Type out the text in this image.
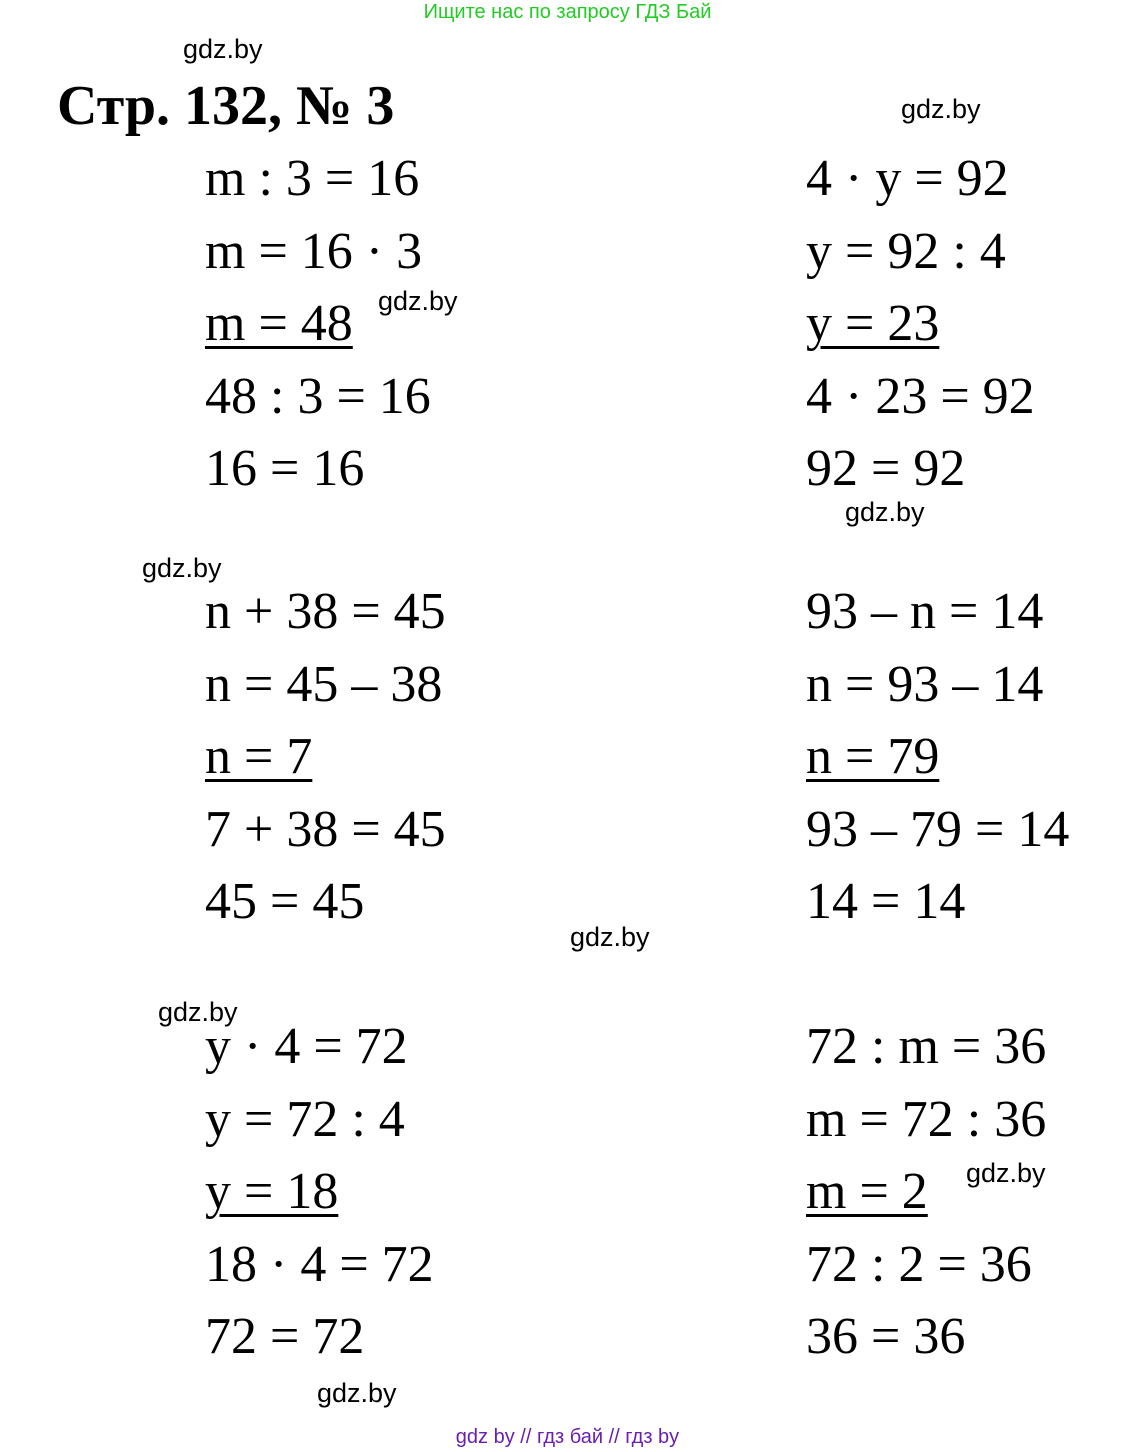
Ищите нас по запросу ГДЗ Бай
gdz.by
Стр. 132, № 3	gdz.by
m : 3 = 16
m = 16 · 3
m = 48
48 : 3 = 16
16 = 16
gdz.by
4 · y = 92
y = 92 : 4
y = 23
4 · 23 = 92
92 = 92
gdz.by
gdz.by
n + 38 = 45
n = 45 – 38
n = 7
7 + 38 = 45
45 = 45
93 – n = 14
n = 93 – 14
n = 79
93 – 79 = 14
14 = 14
gdz.by
gdz.by
y · 4 = 72
y = 72 : 4
y = 18
18 · 4 = 72
72 = 72
72 : m = 36
m = 72 : 36
m = 2
72 : 2 = 36
36 = 36
gdz.by
gdz.by
gdz by // гдз бай // гдз by
